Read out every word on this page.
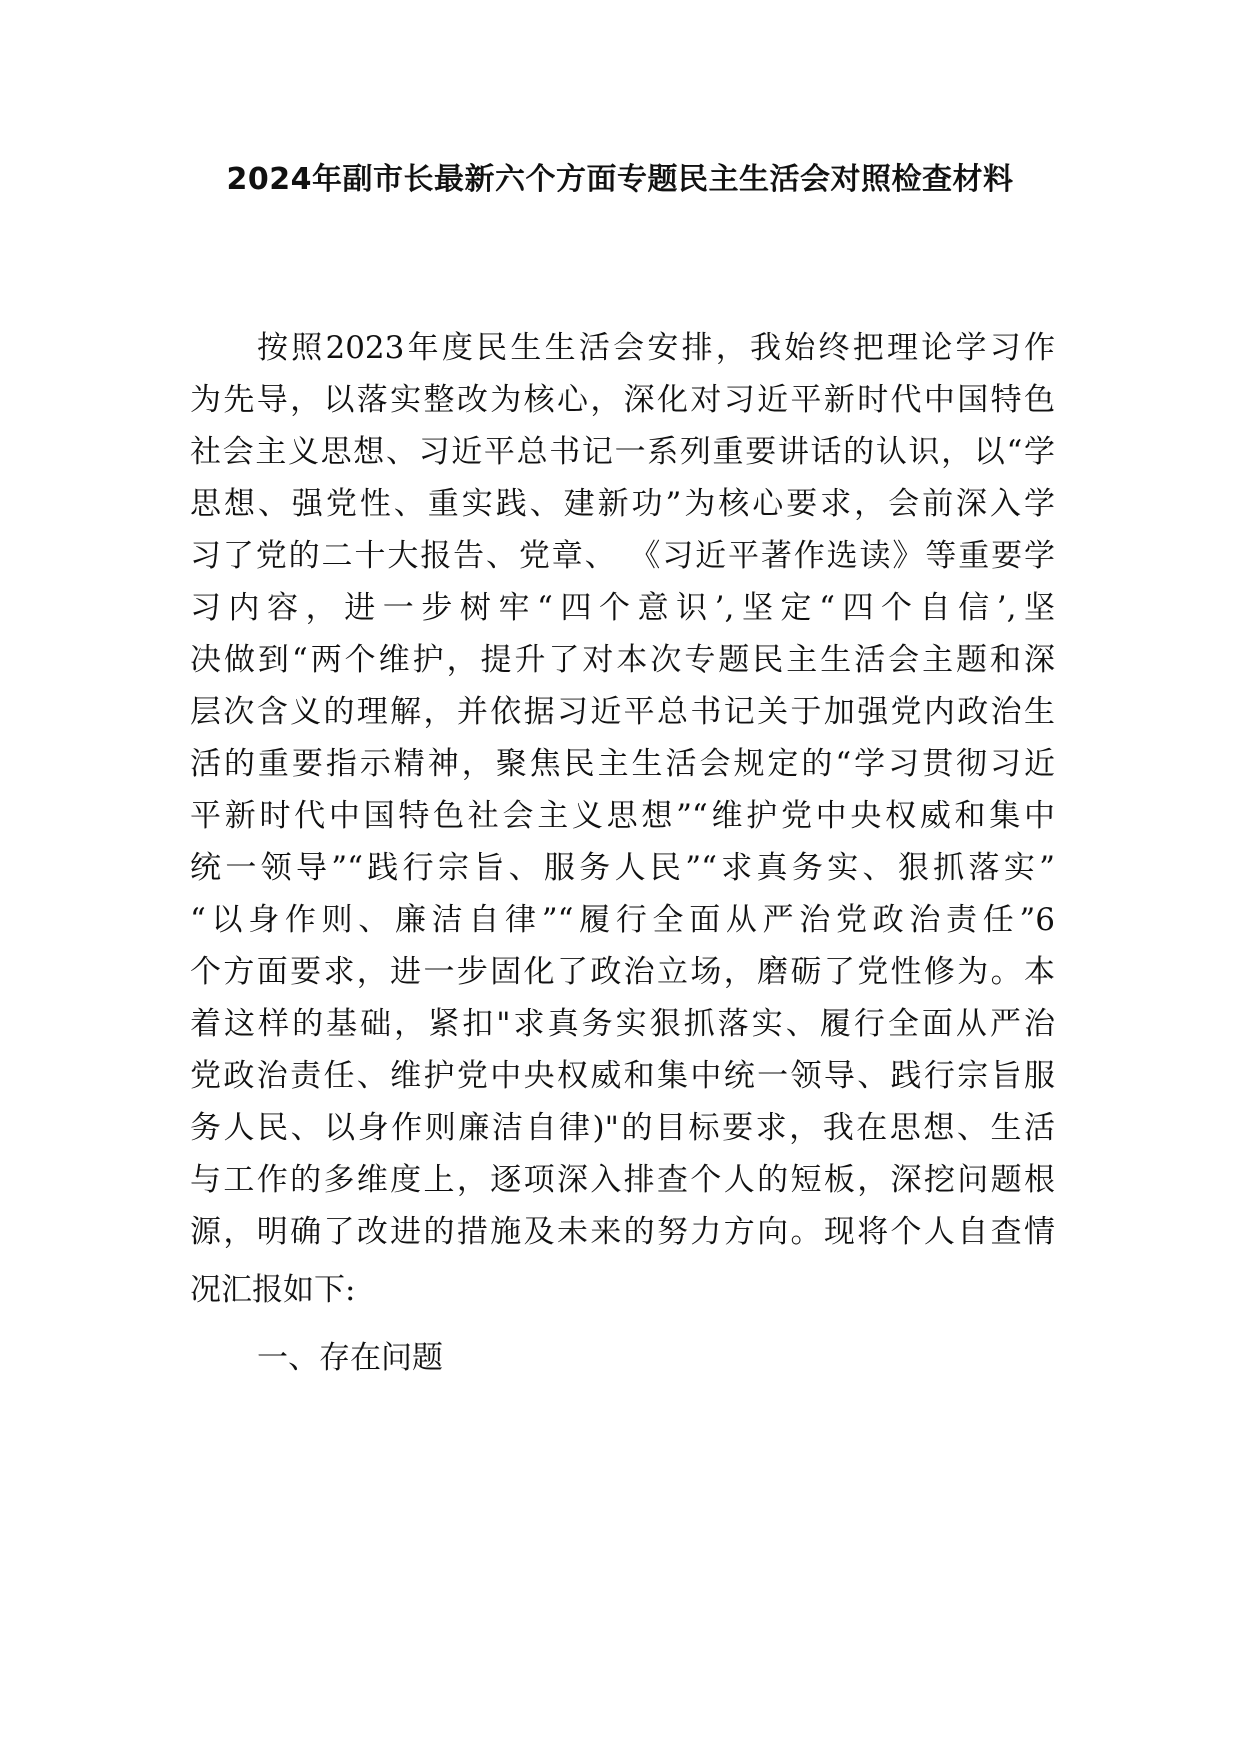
2024年副市长最新六个方面专题民主生活会对照检查材料

按照2023年度民生生活会安排，我始终把理论学习作

为先导，以落实整改为核心，深化对习近平新时代中国特色

社会主义思想、习近平总书记一系列重要讲话的认识，以“学

思想、强党性、重实践、建新功”为核心要求，会前深入学

习了党的二十大报告、党章、 《习近平著作选读》等重要学

习内容，进一步树牢“四个意识’,坚定“四个自信’,坚

决做到“两个维护，提升了对本次专题民主生活会主题和深

层次含义的理解，并依据习近平总书记关于加强党内政治生

活的重要指示精神，聚焦民主生活会规定的“学习贯彻习近

平新时代中国特色社会主义思想”“维护党中央权威和集中

统一领导”“践行宗旨、服务人民”“求真务实、狠抓落实”

“以身作则、廉洁自律”“履行全面从严治党政治责任”6

个方面要求，进一步固化了政治立场，磨砺了党性修为。本

着这样的基础，紧扣"求真务实狠抓落实、履行全面从严治

党政治责任、维护党中央权威和集中统一领导、践行宗旨服

务人民、以身作则廉洁自律)"的目标要求，我在思想、生活

与工作的多维度上，逐项深入排查个人的短板，深挖问题根

源，明确了改进的措施及未来的努力方向。现将个人自查情

况汇报如下:

一、存在问题
